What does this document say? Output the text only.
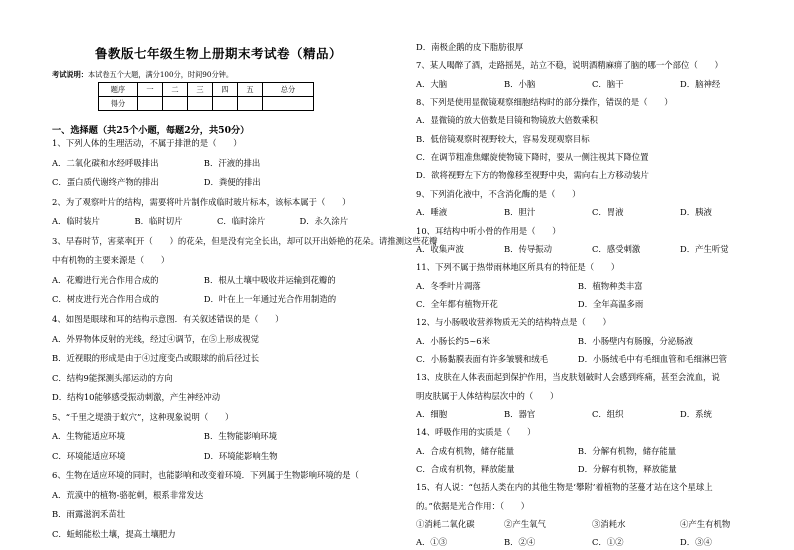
鲁教版七年级生物上册期末考试卷（精品）
考试说明：本试卷五个大题，满分100分，时间90分钟。
题序	一	二	三	四	五	总分
得分						
一、选择题（共25个小题，每题2分，共50分）
1、下列人体的生理活动，不属于排泄的是（　　）
A．二氧化碳和水经呼吸排出	B．汗液的排出
C．蛋白质代谢终产物的排出	D．粪便的排出
2、为了观察叶片的结构，需要将叶片制作成临时玻片标本，该标本属于（　　）
A．临时装片	B．临时切片	C．临时涂片	D．永久涂片
3、早春时节，害菜率[开（　　）的花朵，但是没有完全长出，却可以开出娇艳的花朵。请推测这些花瓣
中有机物的主要来源是（　　）
A．花瓣进行光合作用合成的	B．根从土壤中吸收并运输到花瓣的
C．树皮进行光合作用合成的	D．叶在上一年通过光合作用制造的
4、如图是眼球和耳的结构示意图．有关叙述错误的是（　　）
A．外界物体反射的光线，经过④调节，在⑤上形成视觉
B．近视眼的形成是由于④过度变凸或眼球的前后径过长
C．结构9能探测头部运动的方向
D．结构10能够感受振动刺激，产生神经冲动
5、“千里之堤溃于蚁穴”，这种现象说明（　　）
A．生物能适应环境	B．生物能影响环境
C．环境能适应环境	D．环境能影响生物
6、生物在适应环境的同时，也能影响和改变着环境．下列属于生物影响环境的是（
A．荒漠中的植物-骆驼刺，根系非常发达
B．雨露滋润禾苗壮
C．蚯蚓能松土壤，提高土壤肥力
D．南极企鹅的皮下脂肪很厚
7、某人喝醉了酒，走路摇晃，站立不稳，说明酒精麻痹了脑的哪一个部位（　　）
A．大脑	B．小脑	C．脑干	D．脑神经
8、下列是使用显微镜观察细胞结构时的部分操作，错误的是（　　）
A．显微镜的放大倍数是目镜和物镜放大倍数乘积
B．低倍镜观察时视野较大，容易发现观察目标
C．在调节粗准焦螺旋使物镜下降时，要从一侧注视其下降位置
D．欲将视野左下方的物像移至视野中央，需向右上方移动装片
9、下列消化液中，不含消化酶的是（　　）
A．唾液	B．胆汁	C．胃液	D．胰液
10、耳结构中听小骨的作用是（　　）
A．收集声波	B．传导振动	C．感受刺激	D．产生听觉
11、下列不属于热带雨林地区所具有的特征是（　　）
A．冬季叶片凋落	B．植物种类丰富
C．全年都有植物开花	D．全年高温多雨
12、与小肠吸收营养物质无关的结构特点是（　　）
A．小肠长约5~6米	B．小肠壁内有肠腺，分泌肠液
C．小肠黏膜表面有许多皱襞和绒毛	D．小肠绒毛中有毛细血管和毛细淋巴管
13、皮肤在人体表面起到保护作用，当皮肤划破时人会感到疼痛，甚至会流血，说
明皮肤属于人体结构层次中的（　　）
A．细胞	B．器官	C．组织	D．系统
14、呼吸作用的实质是（　　）
A．合成有机物，储存能量	B．分解有机物，储存能量
C．合成有机物，释放能量	D．分解有机物，释放能量
15、有人说：“包括人类在内的其他生物是‘攀附’着植物的茎蔓才站在这个星球上
的。”依据是光合作用：（　　）
①消耗二氧化碳	②产生氧气	③消耗水	④产生有机物
A．①③	B．②④	C．①②	D．③④
